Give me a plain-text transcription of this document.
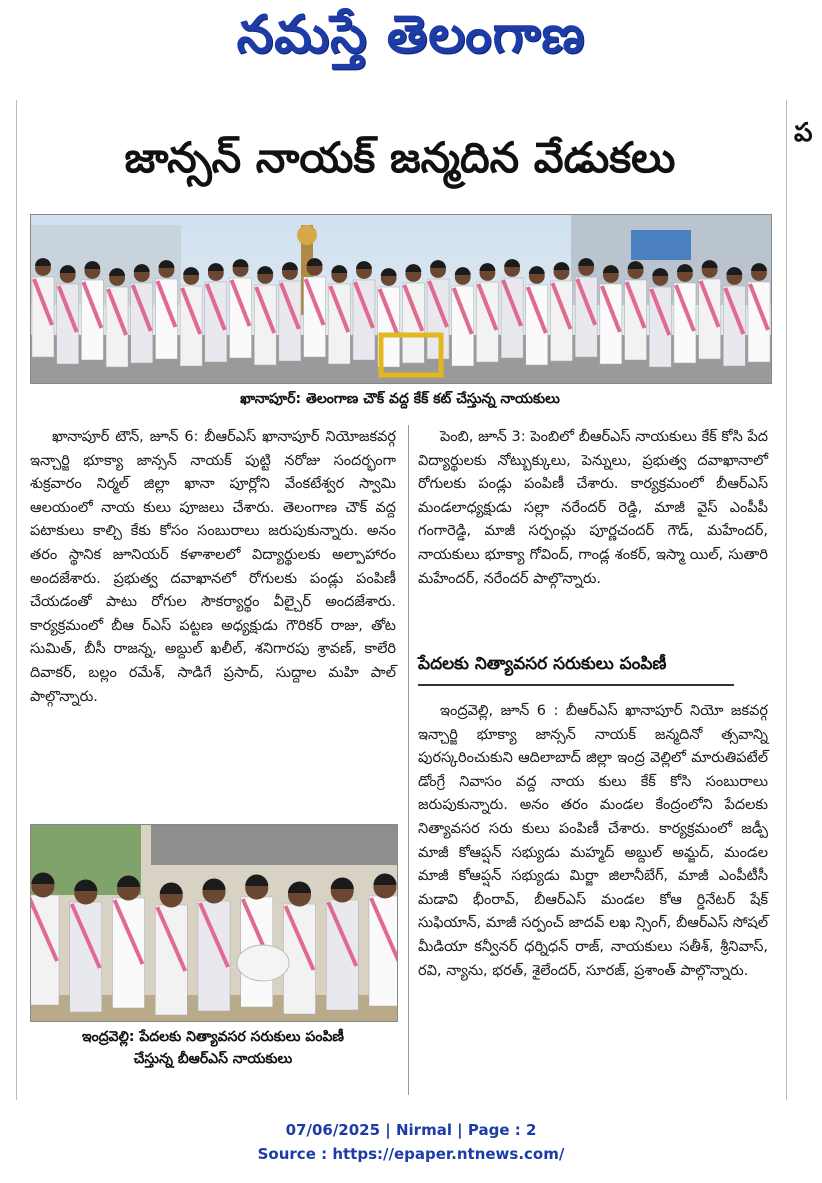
నమస్తే తెలంగాణ
జాన్సన్ నాయక్ జన్మదిన వేడుకలు
ఖానాపూర్: తెలంగాణ చౌక్ వద్ద కేక్ కట్ చేస్తున్న నాయకులు

ఖానాపూర్ టౌన్, జూన్ 6: బీఆర్ఎస్ ఖానాపూర్ నియోజకవర్గ ఇన్చార్జి భూక్యా జాన్సన్ నాయక్ పుట్టి నరోజు సందర్భంగా శుక్రవారం నిర్మల్ జిల్లా ఖానా పూర్లోని వేంకటేశ్వర స్వామి ఆలయంలో నాయ కులు పూజలు చేశారు. తెలంగాణ చౌక్ వద్ద పటాకులు కాల్చి కేకు కోసం సంబురాలు జరుపుకున్నారు. అనం తరం స్థానిక జూనియర్ కళాశాలలో విద్యార్థులకు అల్పాహారం అందజేశారు. ప్రభుత్వ దవాఖానలో రోగులకు పండ్లు పంపిణీ చేయడంతో పాటు రోగుల సౌకర్యార్థం వీల్చైర్ అందజేశారు. కార్యక్రమంలో బీఆ ర్ఎస్ పట్టణ అధ్యక్షుడు గౌరికర్ రాజు, తోట సుమిత్, బీసీ రాజన్న, అబ్దుల్ ఖలీల్, శనిగారపు శ్రావణ్, కాలేరి దివాకర్, బల్లం రమేశ్, సాడిగే ప్రసాద్, సుద్దాల మహి పాల్ పాల్గొన్నారు.

పెంబి, జూన్ 3: పెంబిలో బీఆర్ఎస్ నాయకులు కేక్ కోసి పేద విద్యార్థులకు నోట్బుక్కులు, పెన్నులు, ప్రభుత్వ దవాఖానాలో రోగులకు పండ్లు పంపిణీ చేశారు. కార్యక్రమంలో బీఆర్ఎస్ మండలాధ్యక్షుడు సల్లా నరేందర్ రెడ్డి, మాజీ వైస్ ఎంపీపీ గంగారెడ్డి, మాజీ సర్పంచ్లు పూర్ణచందర్ గౌడ్, మహేందర్, నాయకులు భూక్యా గోవింద్, గాండ్ల శంకర్, ఇస్మా యిల్, సుతారి మహేందర్, నరేందర్ పాల్గొన్నారు.

పేదలకు నిత్యావసర సరుకులు పంపిణీ

ఇంద్రవెల్లి, జూన్ 6 : బీఆర్ఎస్ ఖానాపూర్ నియో జకవర్గ ఇన్చార్జి భూక్యా జాన్సన్ నాయక్ జన్మదినో త్సవాన్ని పురస్కరించుకుని ఆదిలాబాద్ జిల్లా ఇంద్ర వెల్లిలో మారుతిపటేల్ డోంగ్రే నివాసం వద్ద నాయ కులు కేక్ కోసి సంబురాలు జరుపుకున్నారు. అనం తరం మండల కేంద్రంలోని పేదలకు నిత్యావసర సరు కులు పంపిణీ చేశారు. కార్యక్రమంలో జడ్పీ మాజీ కోఆప్షన్ సభ్యుడు మహ్మద్ అబ్దుల్ అమ్జద్, మండల మాజీ కోఆప్షన్ సభ్యుడు మిర్జా జిలానీబేగ్, మాజీ ఎంపీటీసీ మడావి భీంరావ్, బీఆర్ఎస్ మండల కోఆ ర్డినేటర్ షేక్ సుఫియాన్, మాజీ సర్పంచ్ జాదవ్ లఖ న్సింగ్, బీఆర్ఎస్ సోషల్ మీడియా కన్వీనర్ ధర్నిధన్ రాజ్, నాయకులు సతీశ్, శ్రీనివాస్, రవి, న్యాను, భరత్, శైలేందర్, సూరజ్, ప్రశాంత్ పాల్గొన్నారు.

ఇంద్రవెల్లి: పేదలకు నిత్యావసర సరుకులు పంపిణీ
చేస్తున్న బీఆర్ఎస్ నాయకులు
ప
07/06/2025 | Nirmal | Page : 2
Source : https://epaper.ntnews.com/
